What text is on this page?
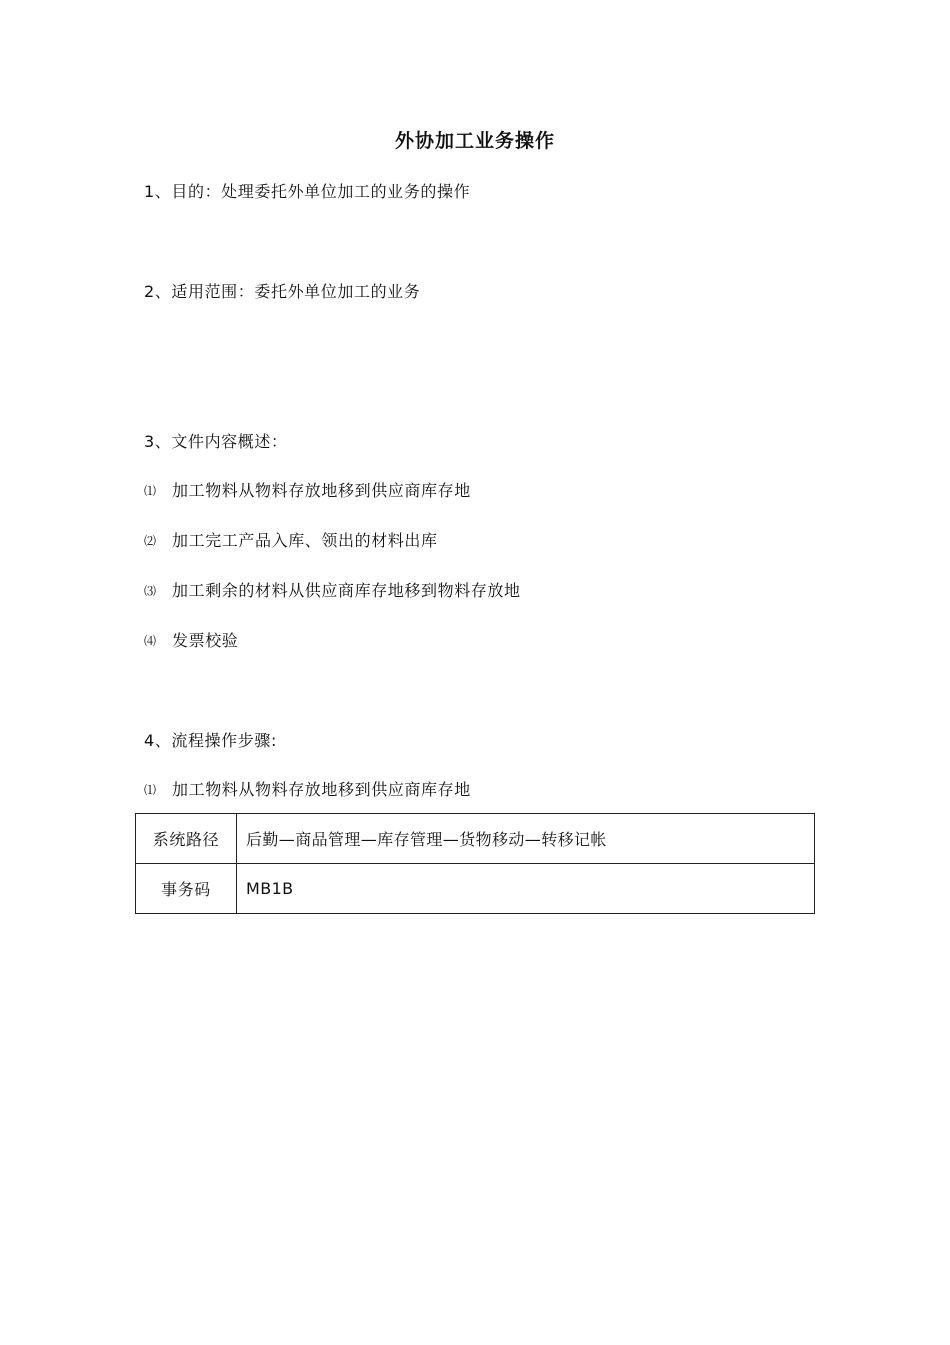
外协加工业务操作
1、目的：处理委托外单位加工的业务的操作
2、适用范围：委托外单位加工的业务
3、文件内容概述：
⑴ 加工物料从物料存放地移到供应商库存地
⑵ 加工完工产品入库、领出的材料出库
⑶ 加工剩余的材料从供应商库存地移到物料存放地
⑷ 发票校验
4、流程操作步骤:
⑴ 加工物料从物料存放地移到供应商库存地
系统路径	后勤—商品管理—库存管理—货物移动—转移记帐
事务码	MB1B
